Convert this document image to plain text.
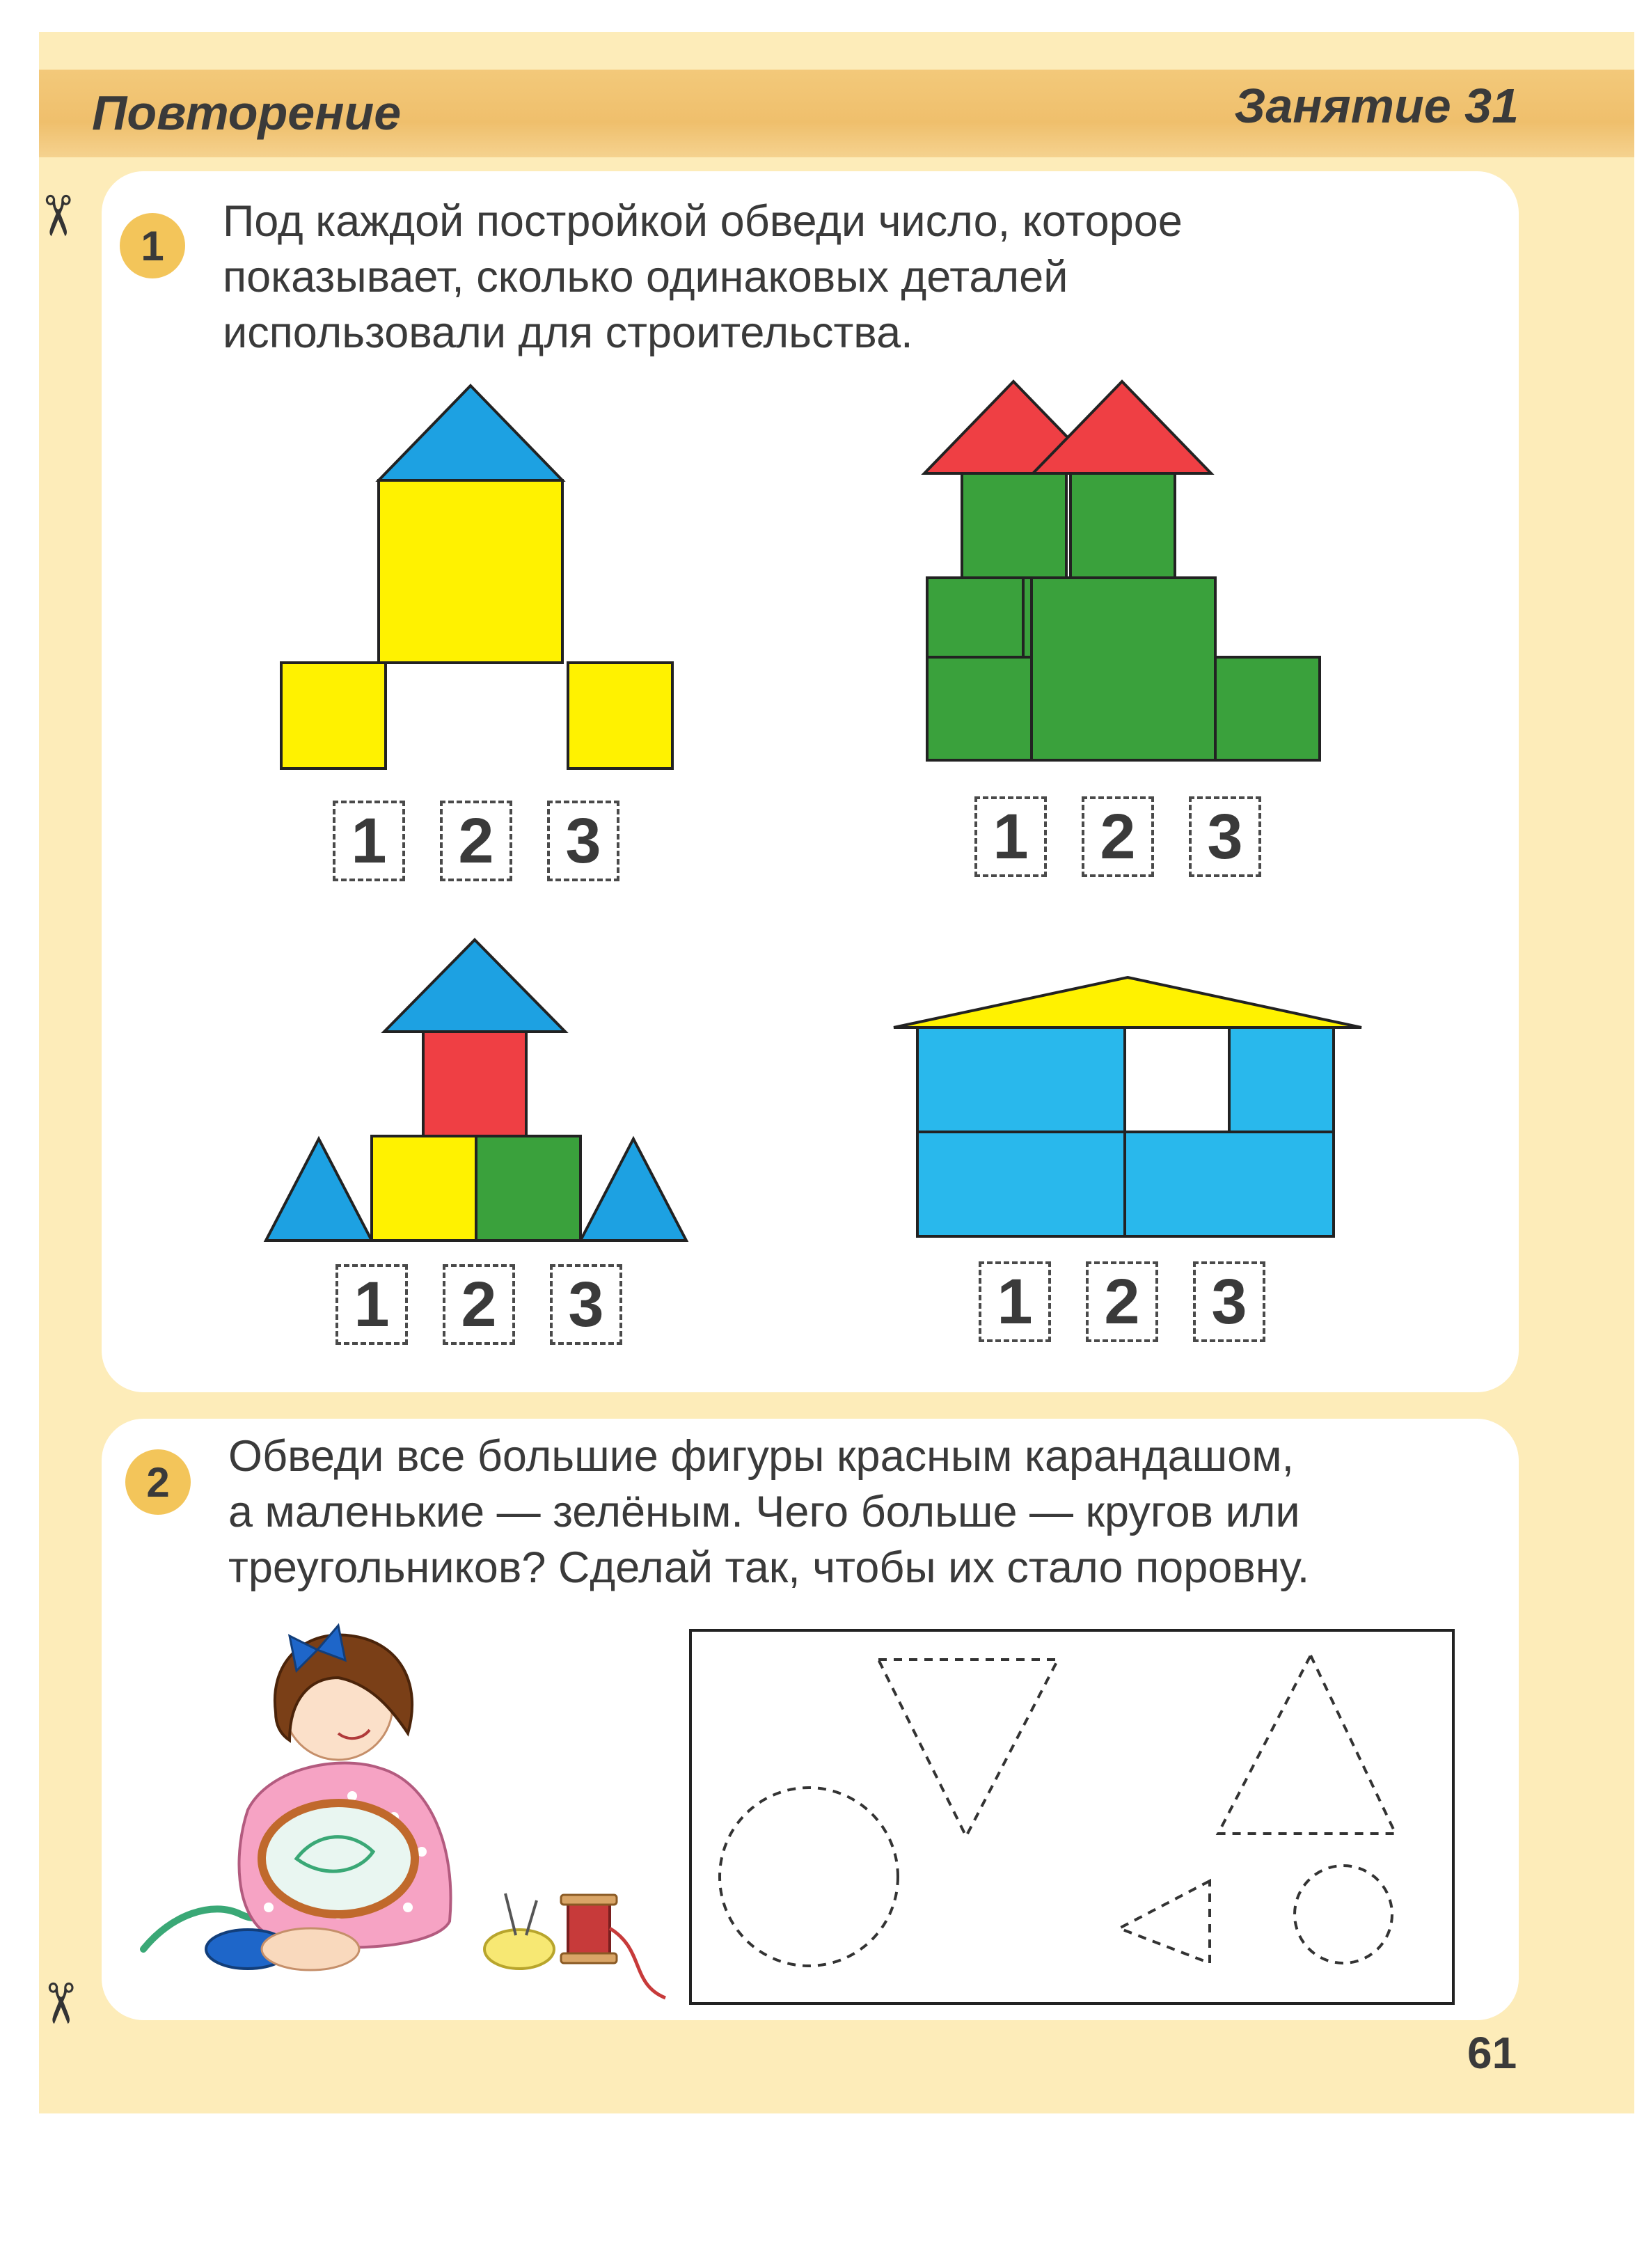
Повторение	Занятие 31
✂
✂
1	Под каждой постройкой обведи число, которое
показывает, сколько одинаковых деталей
использовали для строительства.

1 2 3	1 2 3
1 2 3	1 2 3
2

Обведи все большие фигуры красным карандашом,
а маленькие — зелёным. Чего больше — кругов или
треугольников? Сделай так, чтобы их стало поровну.

61
